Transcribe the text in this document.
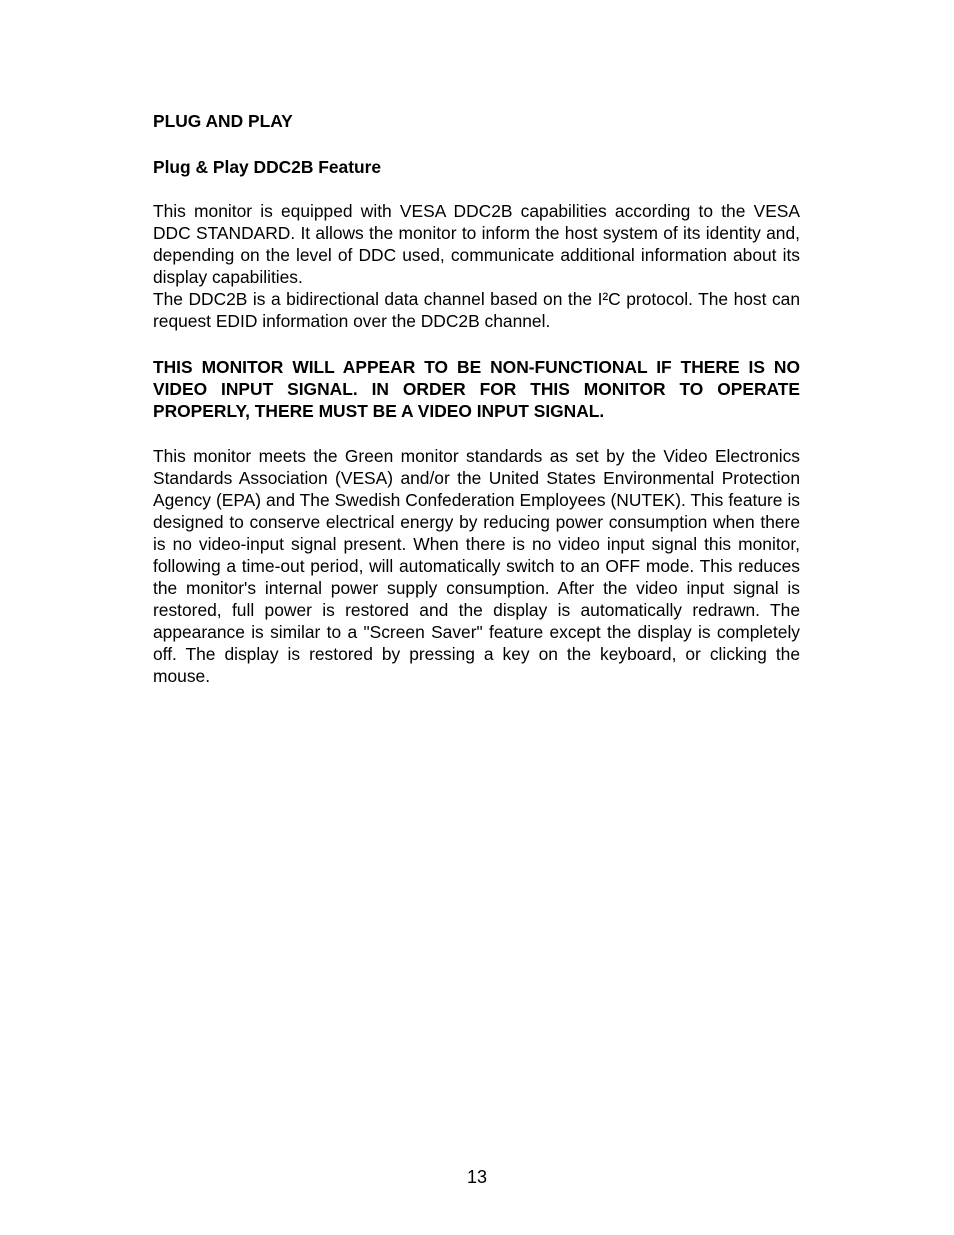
PLUG AND PLAY

Plug & Play DDC2B Feature

This monitor is equipped with VESA DDC2B capabilities according to the VESA DDC STANDARD. It allows the monitor to inform the host system of its identity and, depending on the level of DDC used, communicate additional information about its display capabilities.

The DDC2B is a bidirectional data channel based on the I²C protocol. The host can request EDID information over the DDC2B channel.

THIS MONITOR WILL APPEAR TO BE NON-FUNCTIONAL IF THERE IS NO VIDEO INPUT SIGNAL. IN ORDER FOR THIS MONITOR TO OPERATE PROPERLY, THERE MUST BE A VIDEO INPUT SIGNAL.

This monitor meets the Green monitor standards as set by the Video Electronics Standards Association (VESA) and/or the United States Environmental Protection Agency (EPA) and The Swedish Confederation Employees (NUTEK). This feature is designed to conserve electrical energy by reducing power consumption when there is no video-input signal present. When there is no video input signal this monitor, following a time-out period, will automatically switch to an OFF mode. This reduces the monitor's internal power supply consumption. After the video input signal is restored, full power is restored and the display is automatically redrawn. The appearance is similar to a "Screen Saver" feature except the display is completely off. The display is restored by pressing a key on the keyboard, or clicking the mouse.

13
